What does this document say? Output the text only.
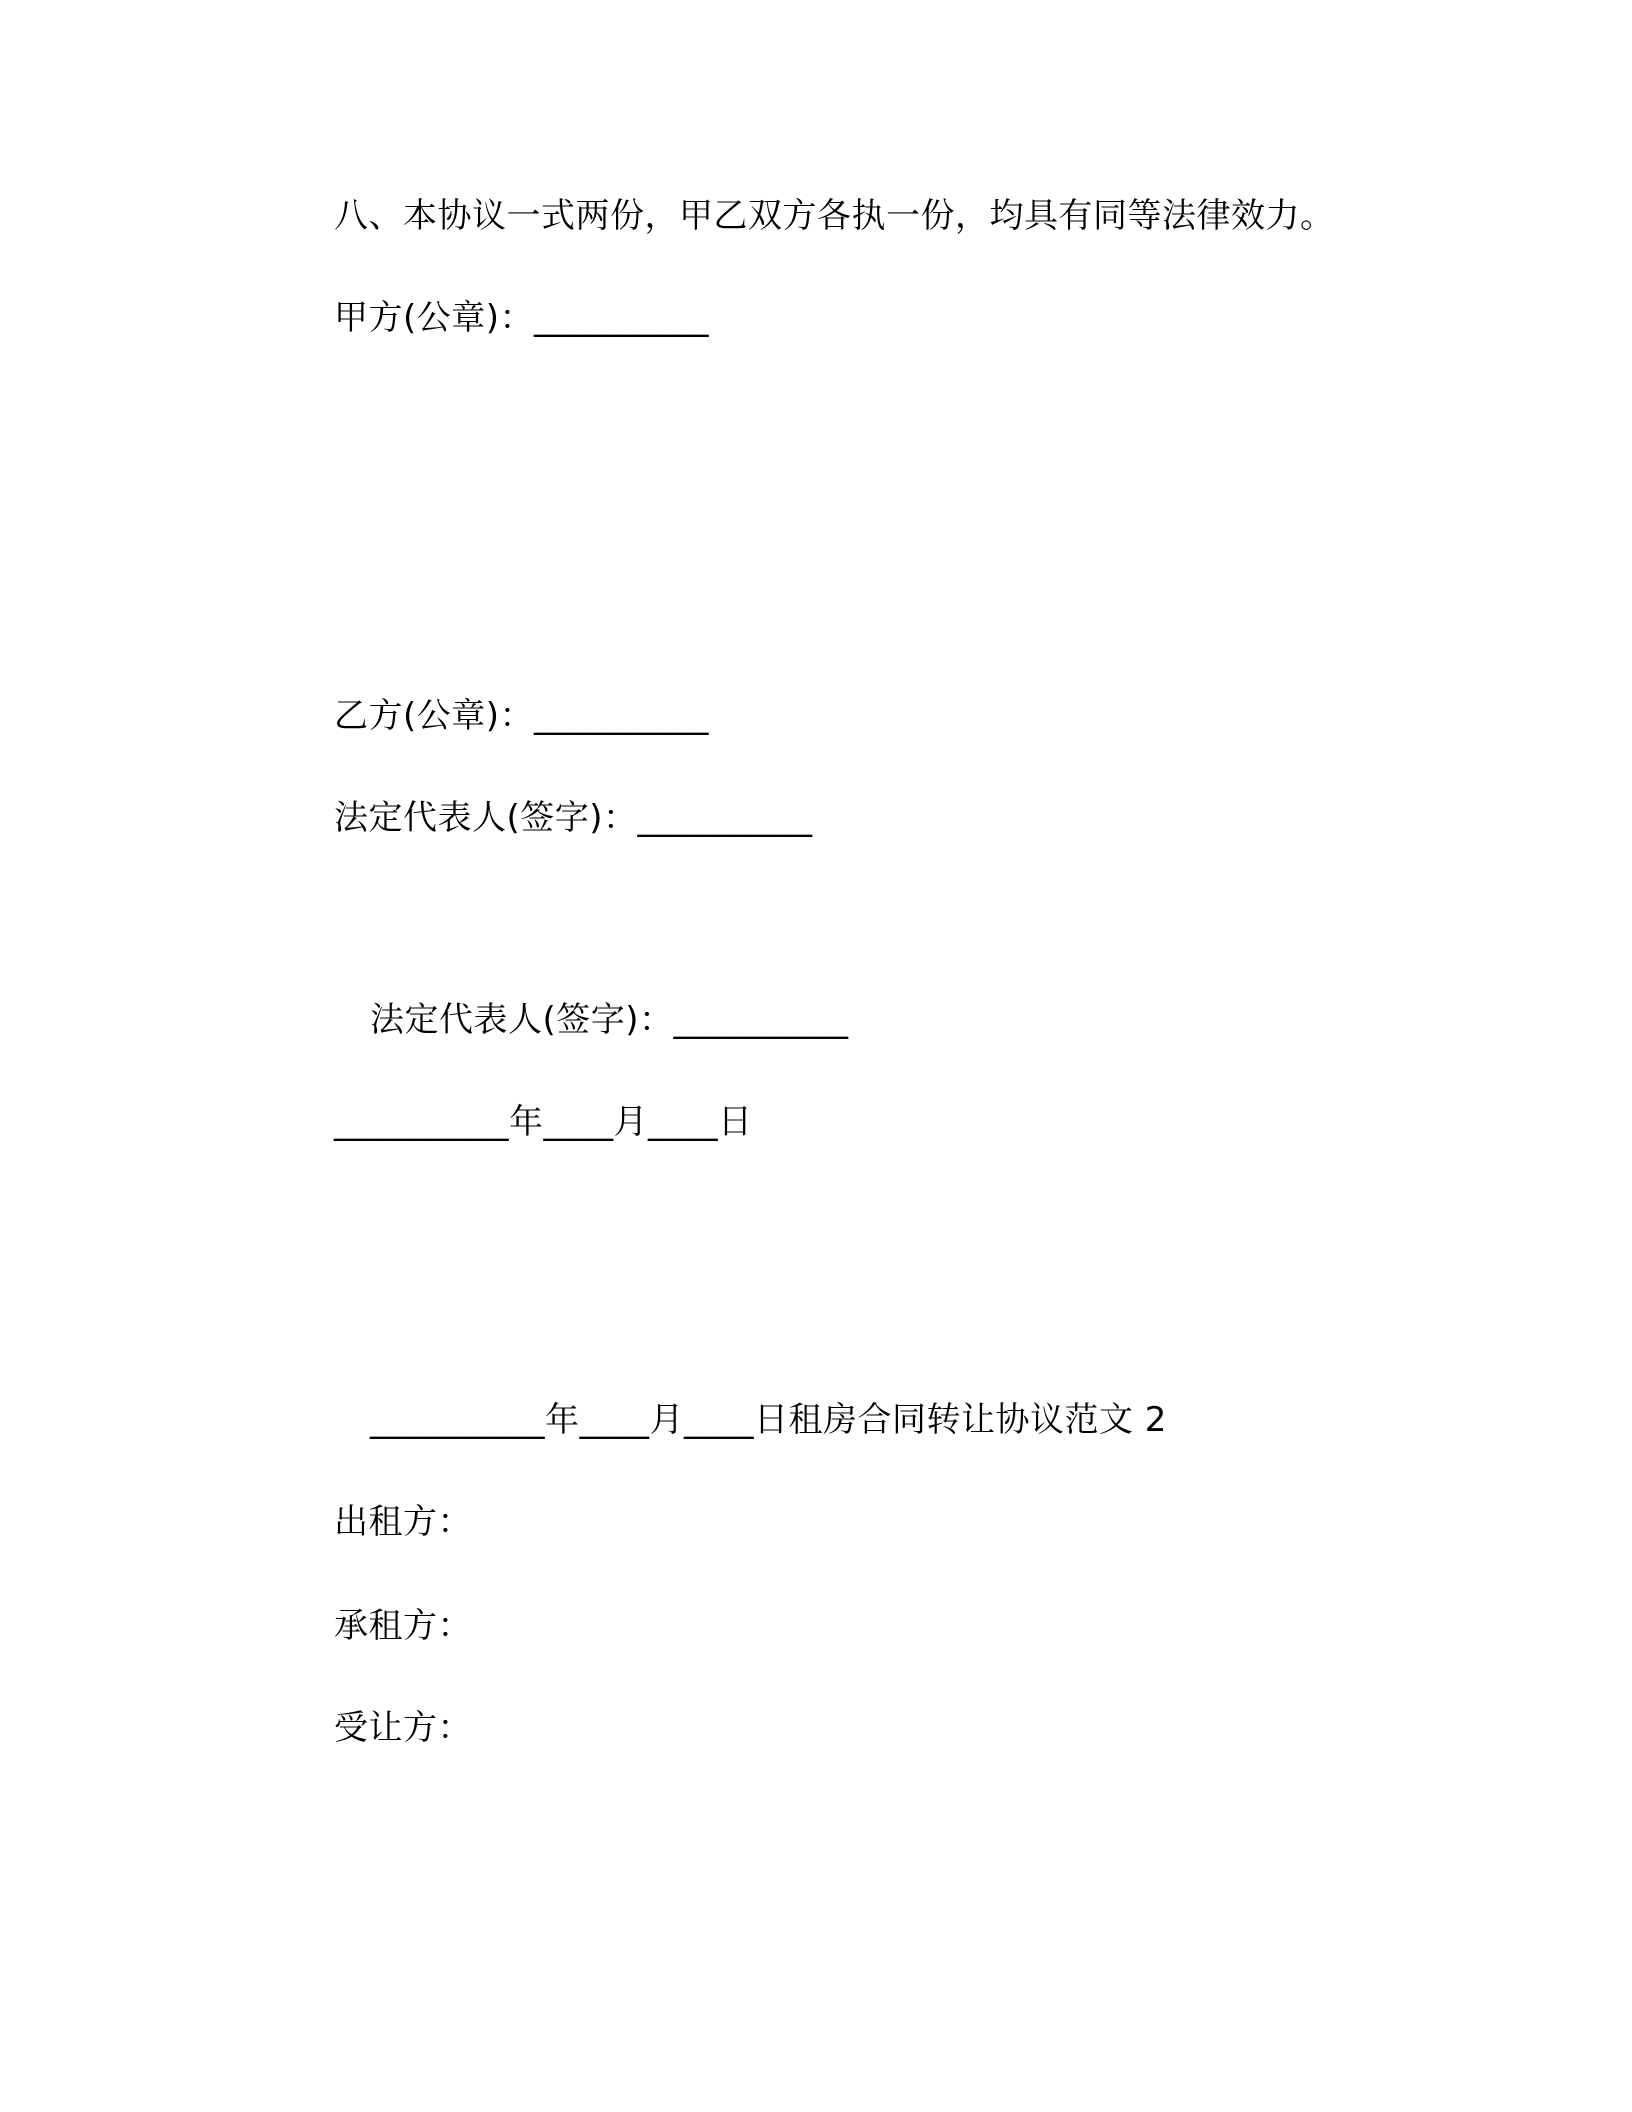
八、本协议一式两份，甲乙双方各执一份，均具有同等法律效力。
甲方(公章)：__________
乙方(公章)：__________
法定代表人(签字)：__________
法定代表人(签字)：__________
__________年____月____日
__________年____月____日租房合同转让协议范文 2
出租方：
承租方：
受让方：
